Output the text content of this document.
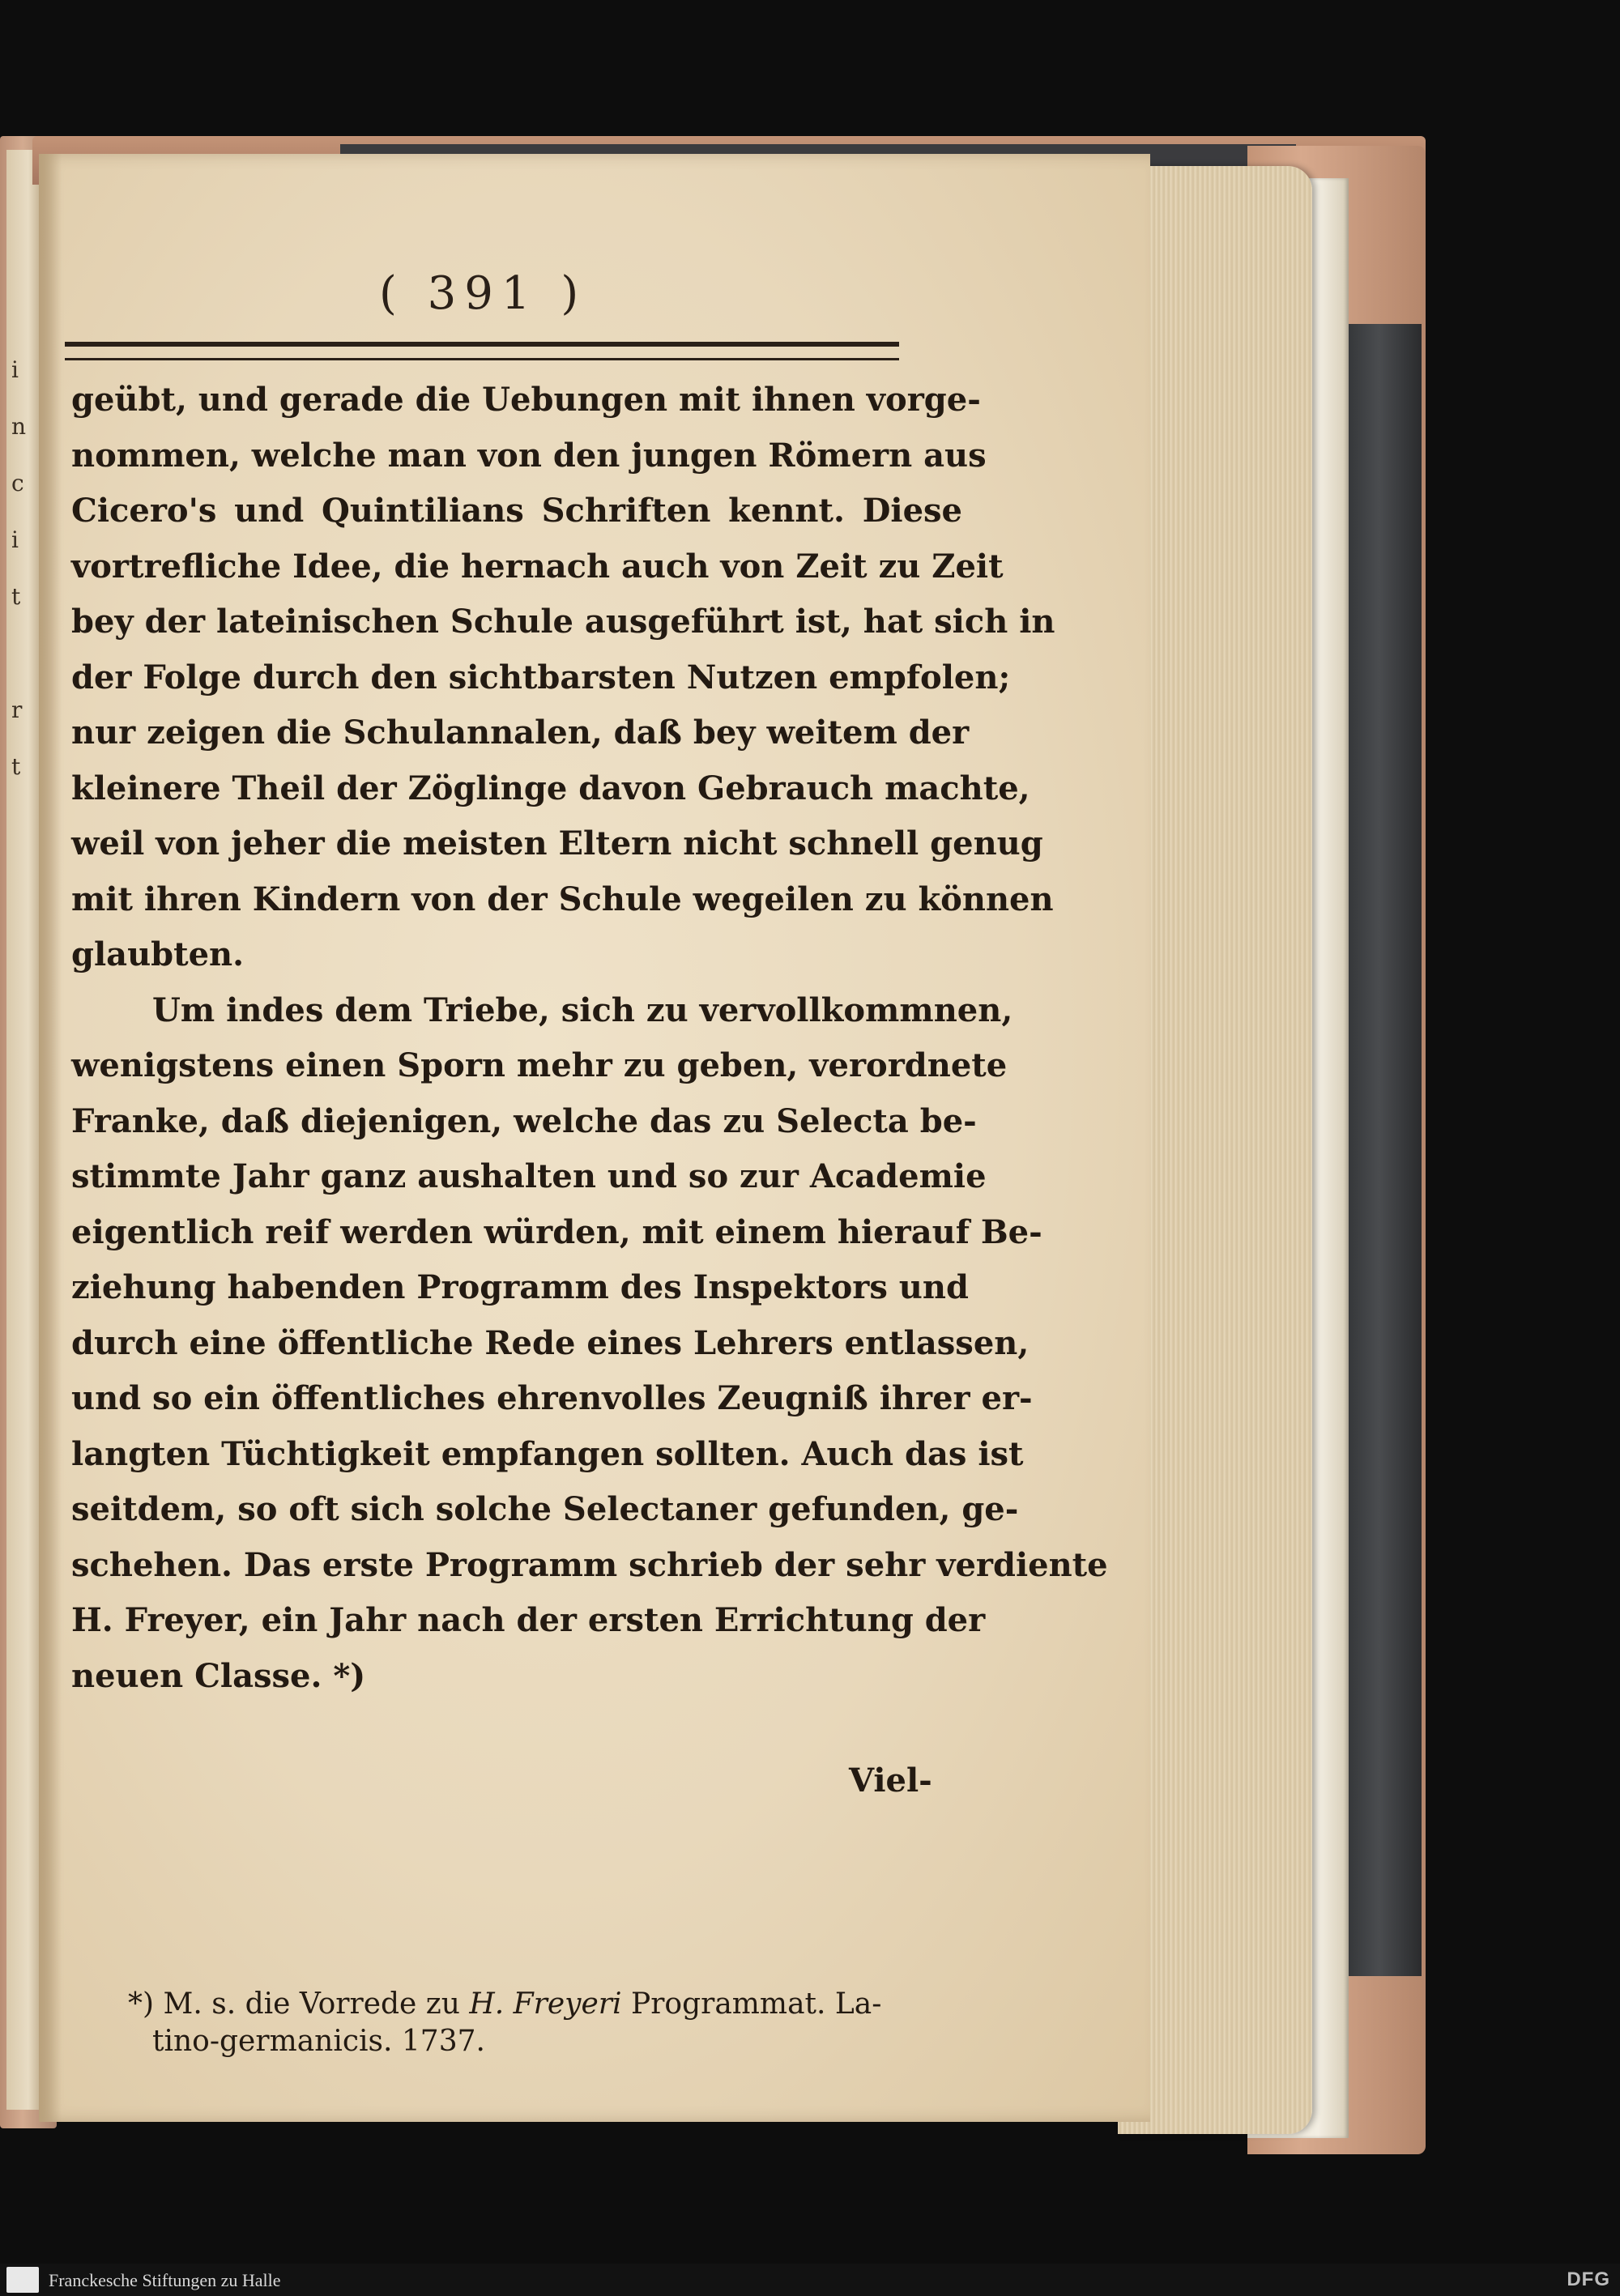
i
n
c
i
t
r
t
( 391 )
geübt, und gerade die Uebungen mit ihnen vorge-
nommen, welche man von den jungen Römern aus
Cicero's und Quintilians Schriften kennt. Diese
vortrefliche Idee, die hernach auch von Zeit zu Zeit
bey der lateinischen Schule ausgeführt ist, hat sich in
der Folge durch den sichtbarsten Nutzen empfolen;
nur zeigen die Schulannalen, daß bey weitem der
kleinere Theil der Zöglinge davon Gebrauch machte,
weil von jeher die meisten Eltern nicht schnell genug
mit ihren Kindern von der Schule wegeilen zu können
glaubten.
Um indes dem Triebe, sich zu vervollkommnen,
wenigstens einen Sporn mehr zu geben, verordnete
Franke, daß diejenigen, welche das zu Selecta be-
stimmte Jahr ganz aushalten und so zur Academie
eigentlich reif werden würden, mit einem hierauf Be-
ziehung habenden Programm des Inspektors und
durch eine öffentliche Rede eines Lehrers entlassen,
und so ein öffentliches ehrenvolles Zeugniß ihrer er-
langten Tüchtigkeit empfangen sollten. Auch das ist
seitdem, so oft sich solche Selectaner gefunden, ge-
schehen. Das erste Programm schrieb der sehr verdiente
H. Freyer, ein Jahr nach der ersten Errichtung der
neuen Classe. *)
Viel-
*) M. s. die Vorrede zu H. Freyeri Programmat. La-
tino-germanicis. 1737.
Franckesche Stiftungen zu Halle	DFG
